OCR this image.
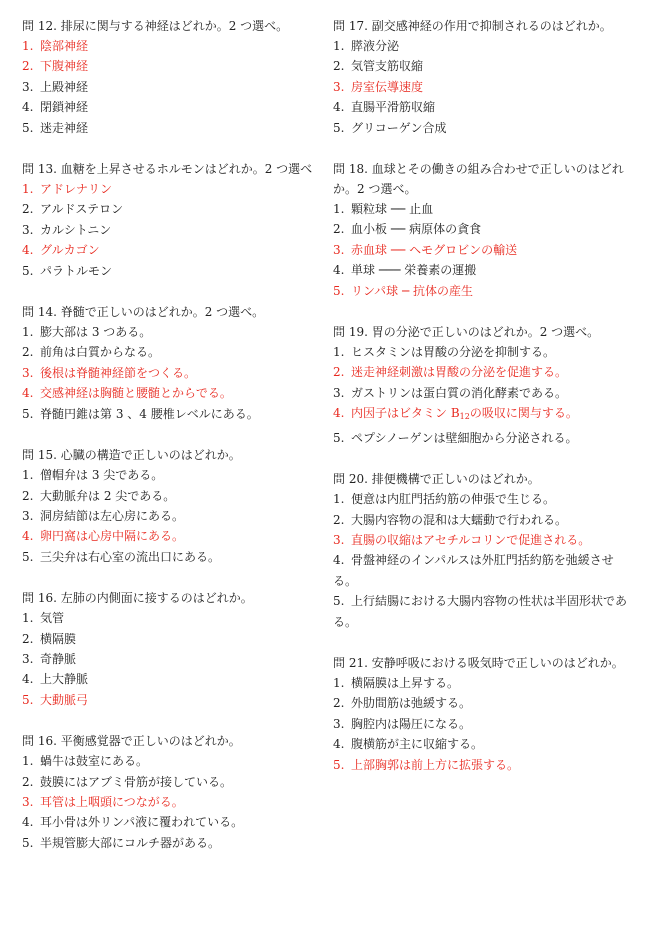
問 12. 排尿に関与する神経はどれか。2 つ選べ。
1. 陰部神経
2. 下腹神経
3. 上殿神経
4. 閉鎖神経
5. 迷走神経
問 13. 血糖を上昇させるホルモンはどれか。2 つ選べ
1. アドレナリン
2. アルドステロン
3. カルシトニン
4. グルカゴン
5. パラトルモン
問 14. 脊髄で正しいのはどれか。2 つ選べ。
1. 膨大部は 3 つある。
2. 前角は白質からなる。
3. 後根は脊髄神経節をつくる。
4. 交感神経は胸髄と腰髄とからでる。
5. 脊髄円錐は第 3 、4 腰椎レベルにある。
問 15. 心臓の構造で正しいのはどれか。
1. 僧帽弁は 3 尖である。
2. 大動脈弁は 2 尖である。
3. 洞房結節は左心房にある。
4. 卵円窩は心房中隔にある。
5. 三尖弁は右心室の流出口にある。
問 16. 左肺の内側面に接するのはどれか。
1. 気管
2. 横隔膜
3. 奇静脈
4. 上大静脈
5. 大動脈弓
問 16. 平衡感覚器で正しいのはどれか。
1. 蝸牛は鼓室にある。
2. 鼓膜にはアブミ骨筋が接している。
3. 耳管は上咽頭につながる。
4. 耳小骨は外リンパ液に覆われている。
5. 半規管膨大部にコルチ器がある。
問 17. 副交感神経の作用で抑制されるのはどれか。
1. 膵液分泌
2. 気管支筋収縮
3. 房室伝導速度
4. 直腸平滑筋収縮
5. グリコーゲン合成
問 18. 血球とその働きの組み合わせで正しいのはどれか。2 つ選べ。
1. 顆粒球 ── 止血
2. 血小板 ── 病原体の貪食
3. 赤血球 ── ヘモグロビンの輸送
4. 単球 ─── 栄養素の運搬
5. リンパ球 ─ 抗体の産生
問 19. 胃の分泌で正しいのはどれか。2 つ選べ。
1. ヒスタミンは胃酸の分泌を抑制する。
2. 迷走神経刺激は胃酸の分泌を促進する。
3. ガストリンは蛋白質の消化酵素である。
4. 内因子はビタミン $B_{12}$の吸収に関与する。
5. ペプシノーゲンは壁細胞から分泌される。
問 20. 排便機構で正しいのはどれか。
1. 便意は内肛門括約筋の伸張で生じる。
2. 大腸内容物の混和は大蠕動で行われる。
3. 直腸の収縮はアセチルコリンで促進される。
4. 骨盤神経のインパルスは外肛門括約筋を弛緩させる。
5. 上行結腸における大腸内容物の性状は半固形状である。
問 21. 安静呼吸における吸気時で正しいのはどれか。
1. 横隔膜は上昇する。
2. 外肋間筋は弛緩する。
3. 胸腔内は陽圧になる。
4. 腹横筋が主に収縮する。
5. 上部胸郭は前上方に拡張する。
